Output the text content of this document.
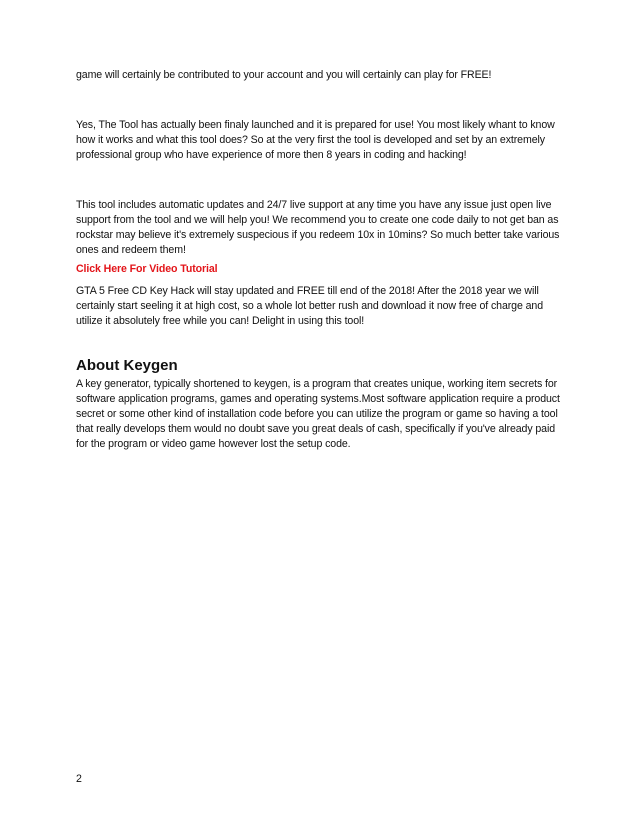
game will certainly be contributed to your account and you will certainly can play for FREE!

Yes, The Tool has actually been finaly launched and it is prepared for use! You most likely whant to know how it works and what this tool does? So at the very first the tool is developed and set by an extremely professional group who have experience of more then 8 years in coding and hacking!

This tool includes automatic updates and 24/7 live support at any time you have any issue just open live support from the tool and we will help you! We recommend you to create one code daily to not get ban as rockstar may believe it's extremely suspecious if you redeem 10x in 10mins? So much better take various ones and redeem them!

Click Here For Video Tutorial

GTA 5 Free CD Key Hack will stay updated and FREE till end of the 2018! After the 2018 year we will certainly start seeling it at high cost, so a whole lot better rush and download it now free of charge and utilize it absolutely free while you can! Delight in using this tool!

About Keygen

A key generator, typically shortened to keygen, is a program that creates unique, working item secrets for software application programs, games and operating systems.Most software application require a product secret or some other kind of installation code before you can utilize the program or game so having a tool that really develops them would no doubt save you great deals of cash, specifically if you've already paid for the program or video game however lost the setup code.

2
